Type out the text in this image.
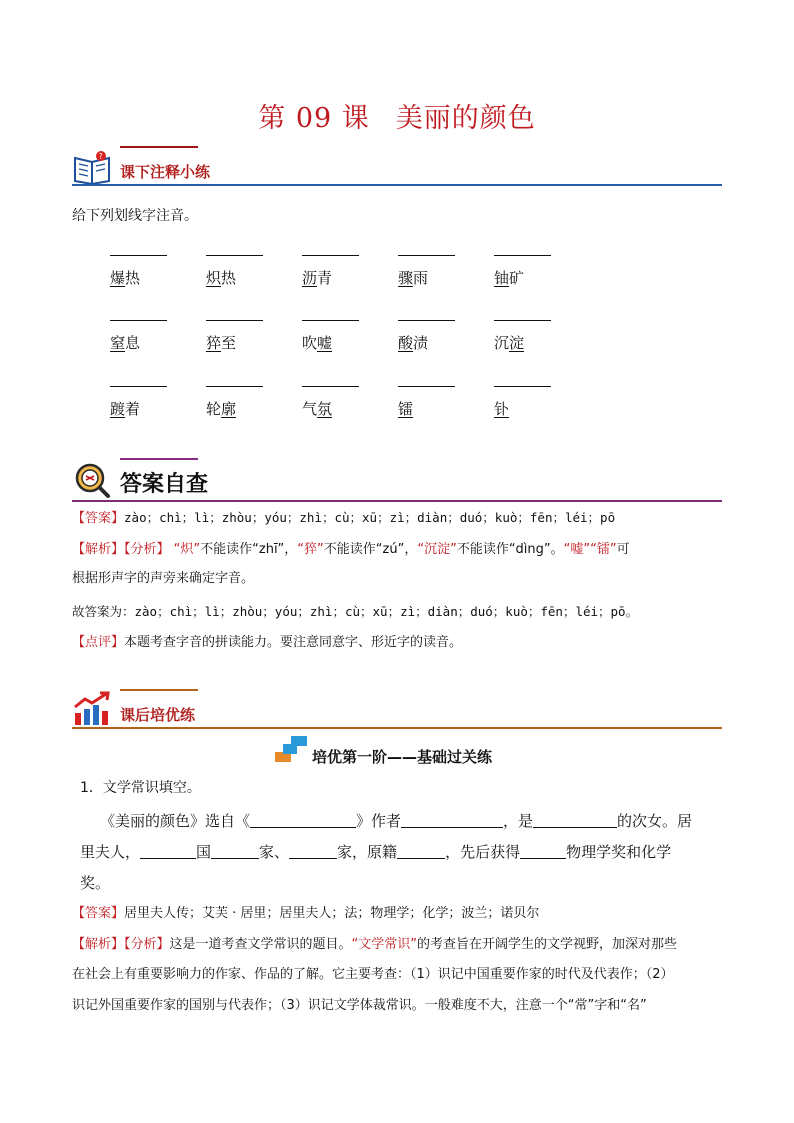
第 09 课 美丽的颜色
?
课下注释小练
给下列划线字注音。
爆热	炽热	沥青	骤雨	铀矿
窒息	猝至	吹嘘	酸渍	沉淀
踱着	轮廓	气氛	镭	钋
答案自查
【答案】zào；chì；lì；zhòu；yóu；zhì；cù；xū；zì；diàn；duó；kuò；fēn；léi；pō
【解析】【分析】 “炽”不能读作“zhī”，“猝”不能读作“zú”，“沉淀”不能读作“dìng”。“嘘”“镭”可
根据形声字的声旁来确定字音。
故答案为：zào；chì；lì；zhòu；yóu；zhì；cù；xū；zì；diàn；duó；kuò；fēn；léi；pō。
【点评】本题考查字音的拼读能力。要注意同意字、形近字的读音。
课后培优练
培优第一阶——基础过关练
1．文学常识填空。
《美丽的颜色》选自《	》作者	，是	的次女。居
里夫人，	国	家、	家，原籍	，先后获得	物理学奖和化学
奖。
【答案】居里夫人传；艾芙 · 居里；居里夫人；法；物理学；化学；波兰；诺贝尔
【解析】【分析】这是一道考查文学常识的题目。“文学常识”的考查旨在开阔学生的文学视野，加深对那些
在社会上有重要影响力的作家、作品的了解。它主要考查：（1）识记中国重要作家的时代及代表作；（2）
识记外国重要作家的国别与代表作；（3）识记文学体裁常识。一般难度不大，注意一个“常”字和“名”
